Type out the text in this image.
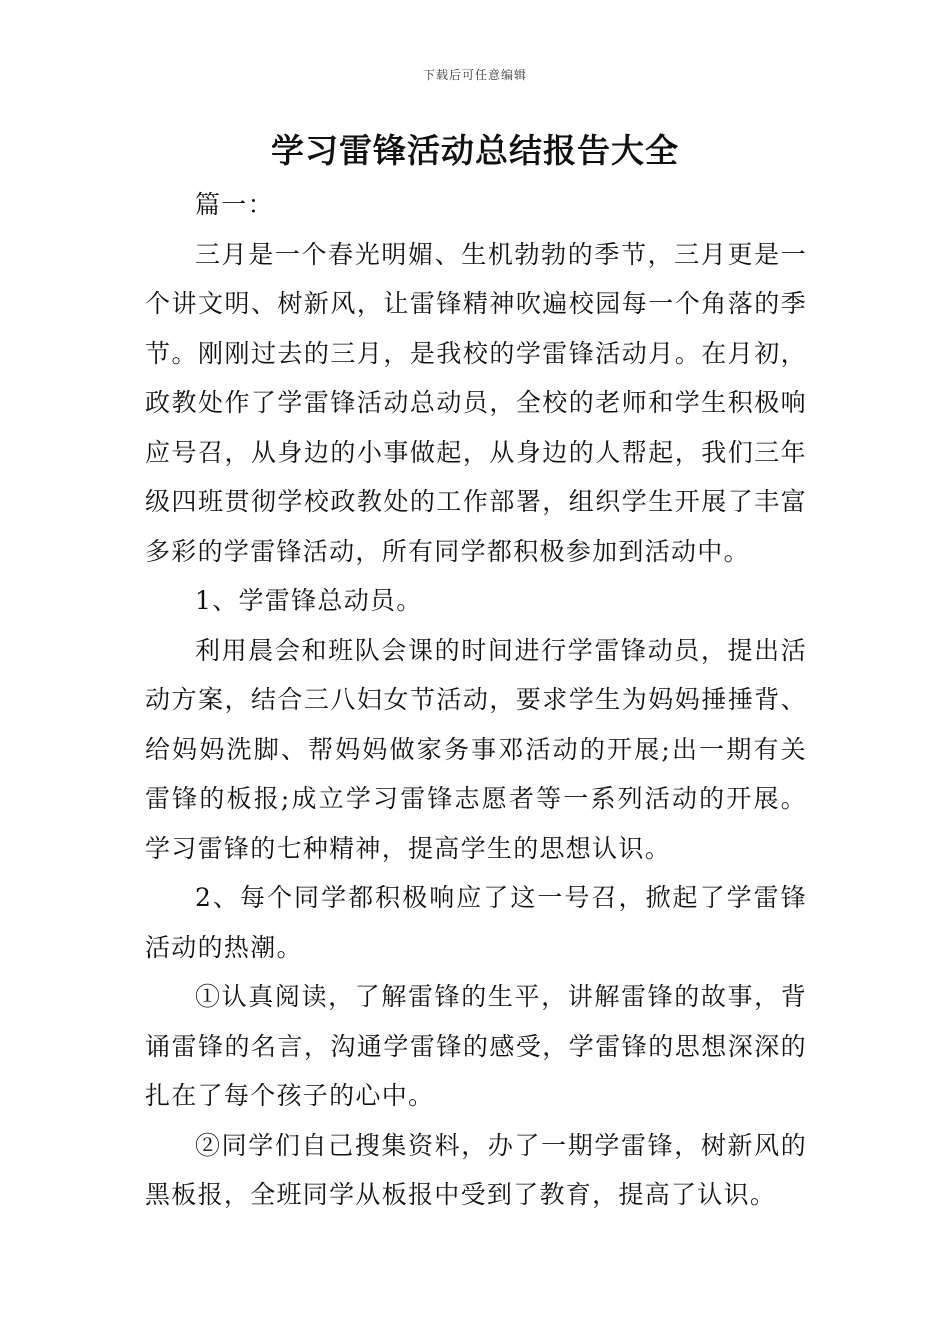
下载后可任意编辑
学习雷锋活动总结报告大全

篇一：

三月是一个春光明媚、生机勃勃的季节，三月更是一个讲文明、树新风，让雷锋精神吹遍校园每一个角落的季节。刚刚过去的三月，是我校的学雷锋活动月。在月初，政教处作了学雷锋活动总动员，全校的老师和学生积极响应号召，从身边的小事做起，从身边的人帮起，我们三年级四班贯彻学校政教处的工作部署，组织学生开展了丰富多彩的学雷锋活动，所有同学都积极参加到活动中。

1、学雷锋总动员。

利用晨会和班队会课的时间进行学雷锋动员，提出活动方案，结合三八妇女节活动，要求学生为妈妈捶捶背、给妈妈洗脚、帮妈妈做家务事邓活动的开展;出一期有关雷锋的板报;成立学习雷锋志愿者等一系列活动的开展。学习雷锋的七种精神，提高学生的思想认识。

2、每个同学都积极响应了这一号召，掀起了学雷锋活动的热潮。

①认真阅读，了解雷锋的生平，讲解雷锋的故事，背诵雷锋的名言，沟通学雷锋的感受，学雷锋的思想深深的扎在了每个孩子的心中。

②同学们自己搜集资料，办了一期学雷锋，树新风的黑板报，全班同学从板报中受到了教育，提高了认识。
